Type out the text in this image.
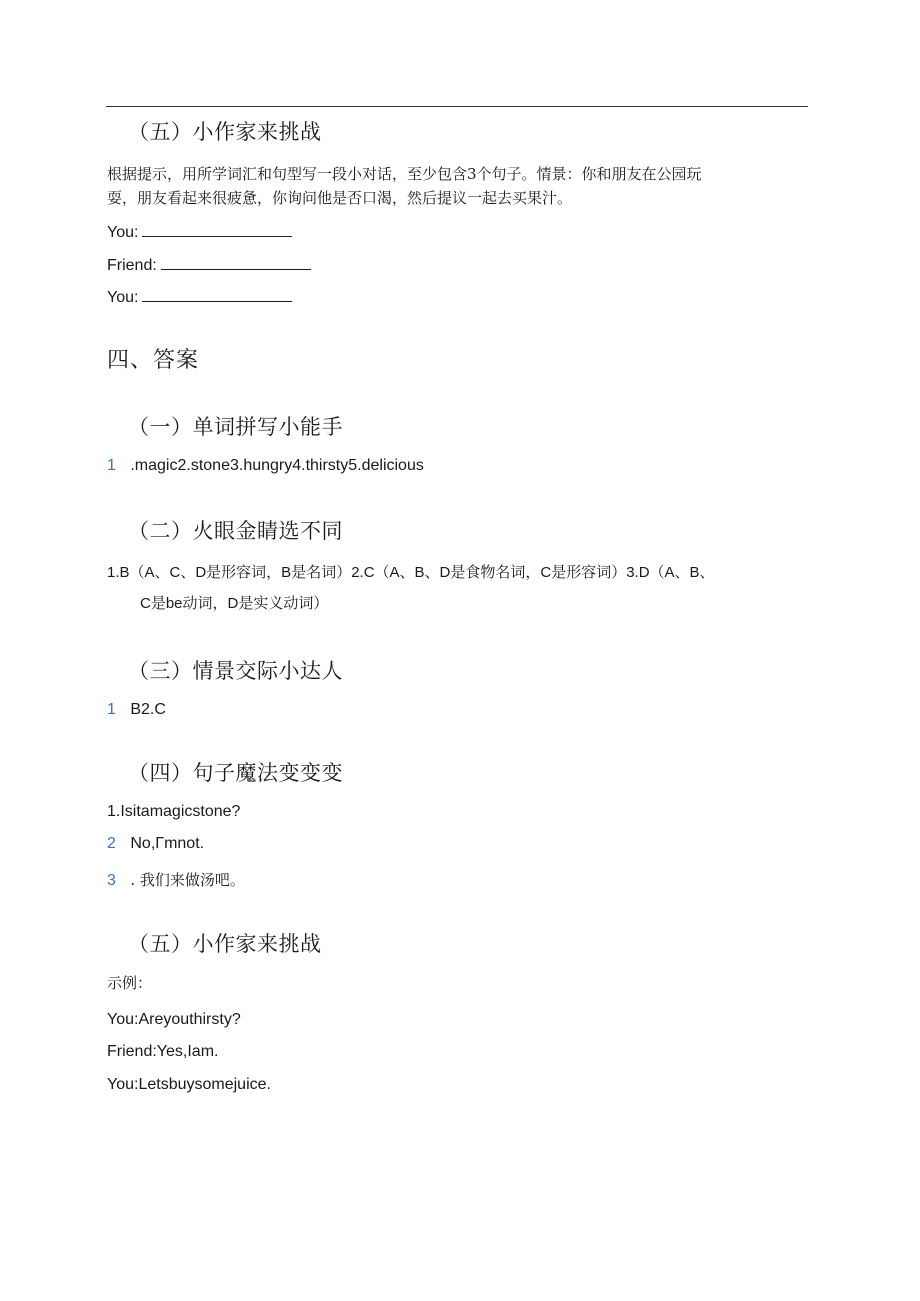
（五）小作家来挑战
根据提示，用所学词汇和句型写一段小对话，至少包含3个句子。情景：你和朋友在公园玩
耍，朋友看起来很疲惫，你询问他是否口渴，然后提议一起去买果汁。
You:
Friend:
You:
四、答案
（一）单词拼写小能手
1 .magic2.stone3.hungry4.thirsty5.delicious
（二）火眼金睛选不同
1.B（A、C、D是形容词，B是名词）2.C（A、B、D是食物名词，C是形容词）3.D（A、B、
C是be动词，D是实义动词）
（三）情景交际小达人
1 B2.C
（四）句子魔法变变变
1.Isitamagicstone?
2 No,Γmnot.
3 . 我们来做汤吧。
（五）小作家来挑战
示例：
You:Areyouthirsty?
Friend:Yes,Iam.
You:Letsbuysomejuice.
